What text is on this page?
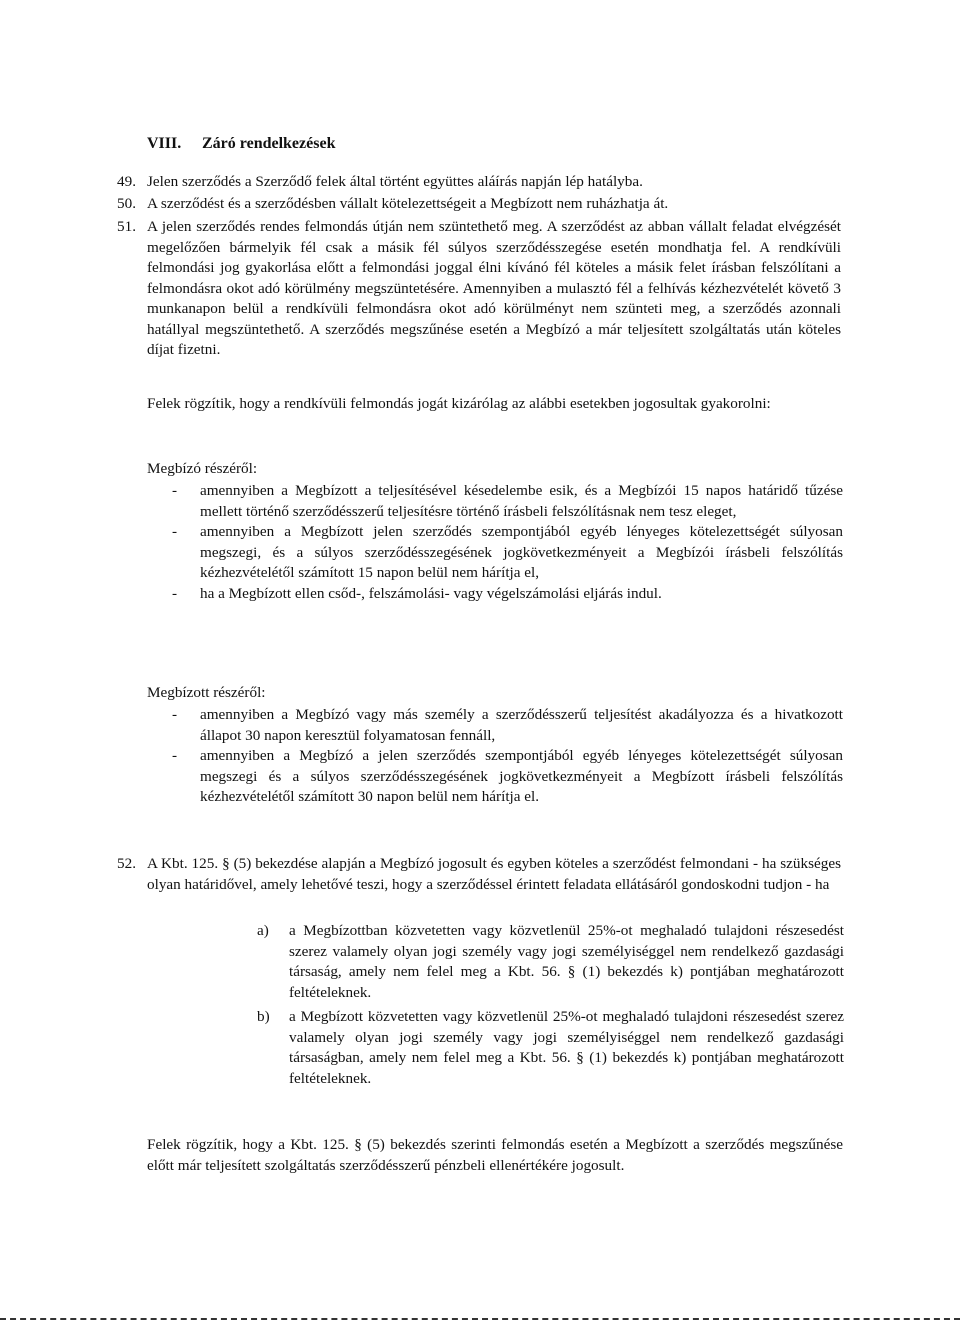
VIII. Záró rendelkezések
49. Jelen szerződés a Szerződő felek által történt együttes aláírás napján lép hatályba.
50. A szerződést és a szerződésben vállalt kötelezettségeit a Megbízott nem ruházhatja át.
51. A jelen szerződés rendes felmondás útján nem szüntethető meg. A szerződést az abban vállalt feladat elvégzését megelőzően bármelyik fél csak a másik fél súlyos szerződésszegése esetén mondhatja fel. A rendkívüli felmondási jog gyakorlása előtt a felmondási joggal élni kívánó fél köteles a másik felet írásban felszólítani a felmondásra okot adó körülmény megszüntetésére. Amennyiben a mulasztó fél a felhívás kézhezvételét követő 3 munkanapon belül a rendkívüli felmondásra okot adó körülményt nem szünteti meg, a szerződés azonnali hatállyal megszüntethető. A szerződés megszűnése esetén a Megbízó a már teljesített szolgáltatás után köteles díjat fizetni.
Felek rögzítik, hogy a rendkívüli felmondás jogát kizárólag az alábbi esetekben jogosultak gyakorolni:
Megbízó részéről:
- amennyiben a Megbízott a teljesítésével késedelembe esik, és a Megbízói 15 napos határidő tűzése mellett történő szerződésszerű teljesítésre történő írásbeli felszólításnak nem tesz eleget,
- amennyiben a Megbízott jelen szerződés szempontjából egyéb lényeges kötelezettségét súlyosan megszegi, és a súlyos szerződésszegésének jogkövetkezményeit a Megbízói írásbeli felszólítás kézhezvételétől számított 15 napon belül nem hárítja el,
- ha a Megbízott ellen csőd-, felszámolási- vagy végelszámolási eljárás indul.
Megbízott részéről:
- amennyiben a Megbízó vagy más személy a szerződésszerű teljesítést akadályozza és a hivatkozott állapot 30 napon keresztül folyamatosan fennáll,
- amennyiben a Megbízó a jelen szerződés szempontjából egyéb lényeges kötelezettségét súlyosan megszegi és a súlyos szerződésszegésének jogkövetkezményeit a Megbízott írásbeli felszólítás kézhezvételétől számított 30 napon belül nem hárítja el.
52. A Kbt. 125. § (5) bekezdése alapján a Megbízó jogosult és egyben köteles a szerződést felmondani - ha szükséges olyan határidővel, amely lehetővé teszi, hogy a szerződéssel érintett feladata ellátásáról gondoskodni tudjon - ha
a) a Megbízottban közvetetten vagy közvetlenül 25%-ot meghaladó tulajdoni részesedést szerez valamely olyan jogi személy vagy jogi személyiséggel nem rendelkező gazdasági társaság, amely nem felel meg a Kbt. 56. § (1) bekezdés k) pontjában meghatározott feltételeknek.
b) a Megbízott közvetetten vagy közvetlenül 25%-ot meghaladó tulajdoni részesedést szerez valamely olyan jogi személy vagy jogi személyiséggel nem rendelkező gazdasági társaságban, amely nem felel meg a Kbt. 56. § (1) bekezdés k) pontjában meghatározott feltételeknek.
Felek rögzítik, hogy a Kbt. 125. § (5) bekezdés szerinti felmondás esetén a Megbízott a szerződés megszűnése előtt már teljesített szolgáltatás szerződésszerű pénzbeli ellenértékére jogosult.
